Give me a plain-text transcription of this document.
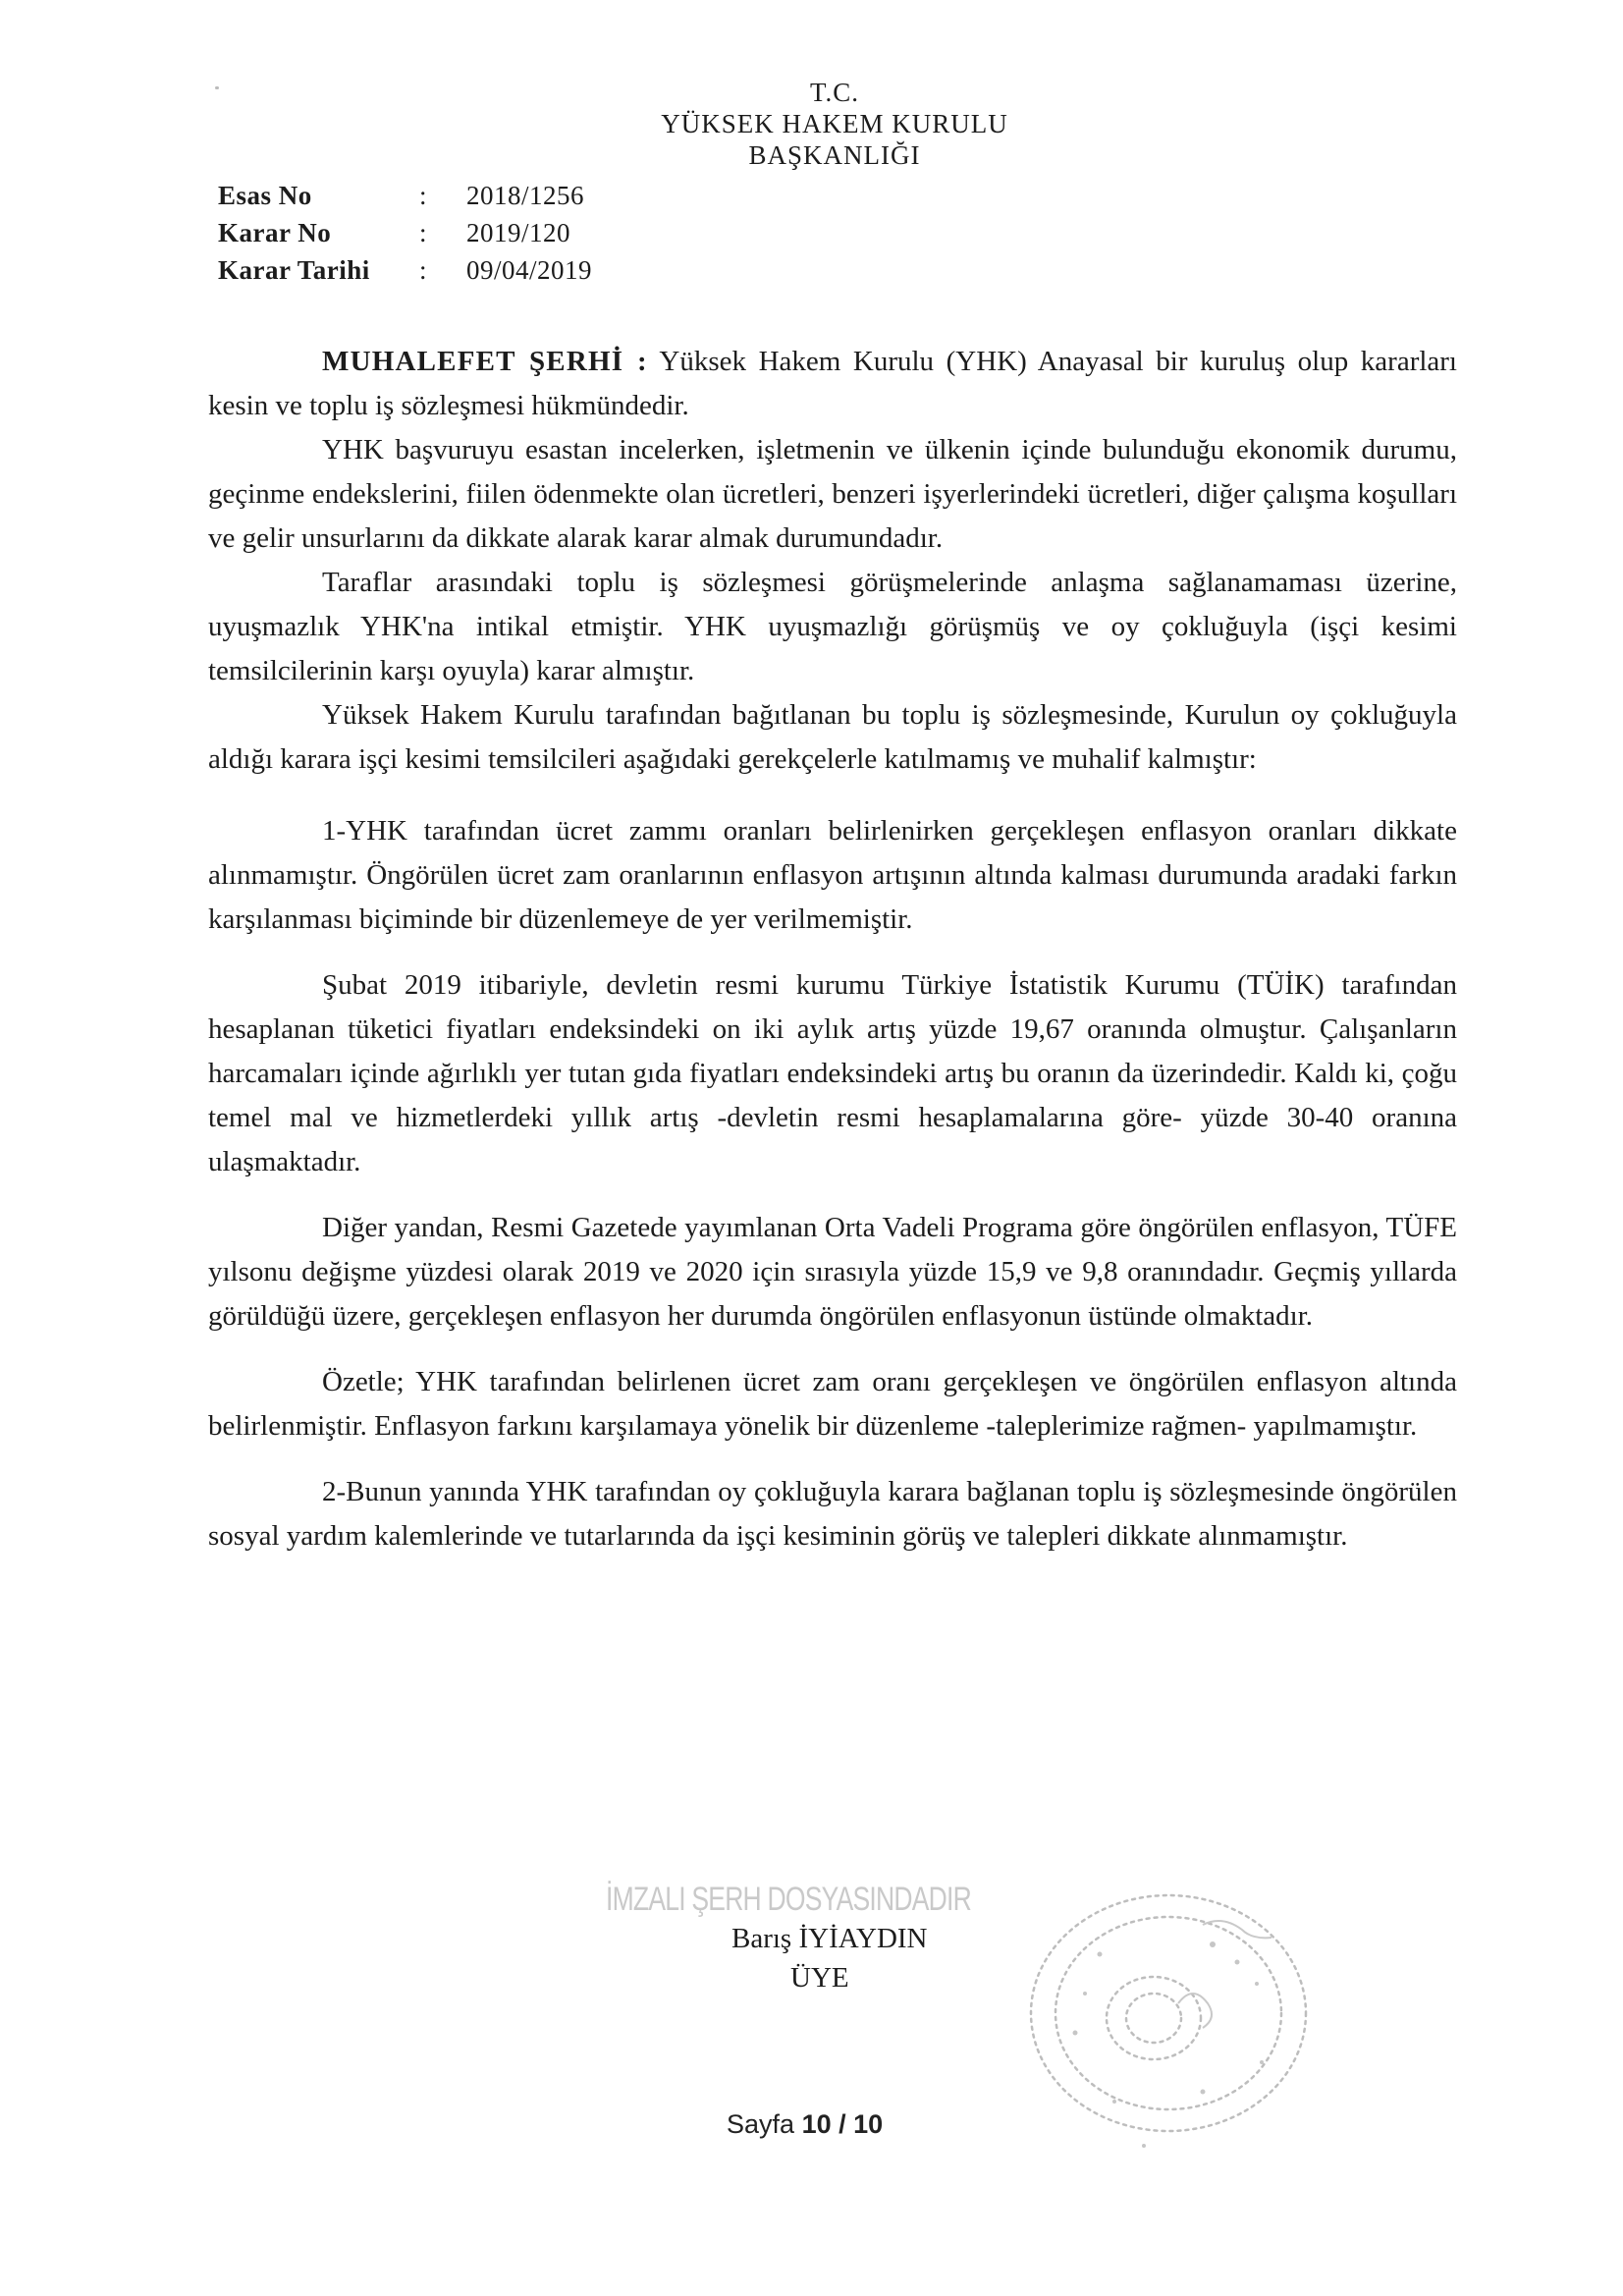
T.C.
YÜKSEK HAKEM KURULU
BAŞKANLIĞI
Esas No	:	2018/1256
Karar No	:	2019/120
Karar Tarihi	:	09/04/2019

MUHALEFET ŞERHİ : Yüksek Hakem Kurulu (YHK) Anayasal bir kuruluş olup kararları kesin ve toplu iş sözleşmesi hükmündedir.

YHK başvuruyu esastan incelerken, işletmenin ve ülkenin içinde bulunduğu ekonomik durumu, geçinme endekslerini, fiilen ödenmekte olan ücretleri, benzeri işyerlerindeki ücretleri, diğer çalışma koşulları ve gelir unsurlarını da dikkate alarak karar almak durumundadır.

Taraflar arasındaki toplu iş sözleşmesi görüşmelerinde anlaşma sağlanamaması üzerine, uyuşmazlık YHK'na intikal etmiştir. YHK uyuşmazlığı görüşmüş ve oy çokluğuyla (işçi kesimi temsilcilerinin karşı oyuyla) karar almıştır.

Yüksek Hakem Kurulu tarafından bağıtlanan bu toplu iş sözleşmesinde, Kurulun oy çokluğuyla aldığı karara işçi kesimi temsilcileri aşağıdaki gerekçelerle katılmamış ve muhalif kalmıştır:

1-YHK tarafından ücret zammı oranları belirlenirken gerçekleşen enflasyon oranları dikkate alınmamıştır. Öngörülen ücret zam oranlarının enflasyon artışının altında kalması durumunda aradaki farkın karşılanması biçiminde bir düzenlemeye de yer verilmemiştir.

Şubat 2019 itibariyle, devletin resmi kurumu Türkiye İstatistik Kurumu (TÜİK) tarafından hesaplanan tüketici fiyatları endeksindeki on iki aylık artış yüzde 19,67 oranında olmuştur. Çalışanların harcamaları içinde ağırlıklı yer tutan gıda fiyatları endeksindeki artış bu oranın da üzerindedir. Kaldı ki, çoğu temel mal ve hizmetlerdeki yıllık artış -devletin resmi hesaplamalarına göre- yüzde 30-40 oranına ulaşmaktadır.

Diğer yandan, Resmi Gazetede yayımlanan Orta Vadeli Programa göre öngörülen enflasyon, TÜFE yılsonu değişme yüzdesi olarak 2019 ve 2020 için sırasıyla yüzde 15,9 ve 9,8 oranındadır. Geçmiş yıllarda görüldüğü üzere, gerçekleşen enflasyon her durumda öngörülen enflasyonun üstünde olmaktadır.

Özetle; YHK tarafından belirlenen ücret zam oranı gerçekleşen ve öngörülen enflasyon altında belirlenmiştir. Enflasyon farkını karşılamaya yönelik bir düzenleme -taleplerimize rağmen- yapılmamıştır.

2-Bunun yanında YHK tarafından oy çokluğuyla karara bağlanan toplu iş sözleşmesinde öngörülen sosyal yardım kalemlerinde ve tutarlarında da işçi kesiminin görüş ve talepleri dikkate alınmamıştır.

İMZALI ŞERH DOSYASINDADIR
Barış İYİAYDIN
ÜYE
Sayfa 10 / 10
